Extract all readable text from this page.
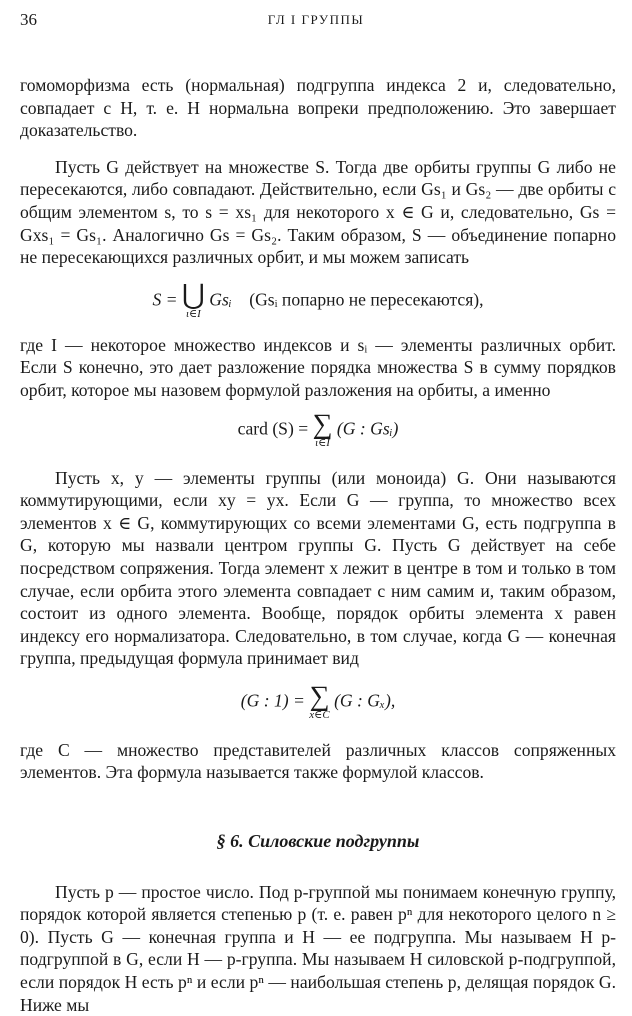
36	ГЛ I ГРУППЫ

гомоморфизма есть (нормальная) подгруппа индекса 2 и, следовательно, совпадает с H, т. е. H нормальна вопреки предположению. Это завершает доказательство.

Пусть G действует на множестве S. Тогда две орбиты группы G либо не пересекаются, либо совпадают. Действительно, если Gs₁ и Gs₂ — две орбиты с общим элементом s, то s = xs₁ для некоторого x ∈ G и, следовательно, Gs = Gxs₁ = Gs₁. Аналогично Gs = Gs₂. Таким образом, S — объединение попарно не пересекающихся различных орбит, и мы можем записать

S = ⋃
ι∈I
Gsᵢ (Gsᵢ попарно не пересекаются),

где I — некоторое множество индексов и sᵢ — элементы различных орбит. Если S конечно, это дает разложение порядка множества S в сумму порядков орбит, которое мы назовем формулой разложения на орбиты, а именно

card (S) = ∑
ι∈I
(G : Gsᵢ)

Пусть x, y — элементы группы (или моноида) G. Они называются коммутирующими, если xy = yx. Если G — группа, то множество всех элементов x ∈ G, коммутирующих со всеми элементами G, есть подгруппа в G, которую мы назвали центром группы G. Пусть G действует на себе посредством сопряжения. Тогда элемент x лежит в центре в том и только в том случае, если орбита этого элемента совпадает с ним самим и, таким образом, состоит из одного элемента. Вообще, порядок орбиты элемента x равен индексу его нормализатора. Следовательно, в том случае, когда G — конечная группа, предыдущая формула принимает вид

(G : 1) = ∑
x∈C
(G : Gₓ),

где C — множество представителей различных классов сопряженных элементов. Эта формула называется также формулой классов.

§ 6. Силовские подгруппы

Пусть p — простое число. Под p-группой мы понимаем конечную группу, порядок которой является степенью p (т. е. равен pⁿ для некоторого целого n ≥ 0). Пусть G — конечная группа и H — ее подгруппа. Мы называем H p-подгруппой в G, если H — p-группа. Мы называем H силовской p-подгруппой, если порядок H есть pⁿ и если pⁿ — наибольшая степень p, делящая порядок G. Ниже мы
